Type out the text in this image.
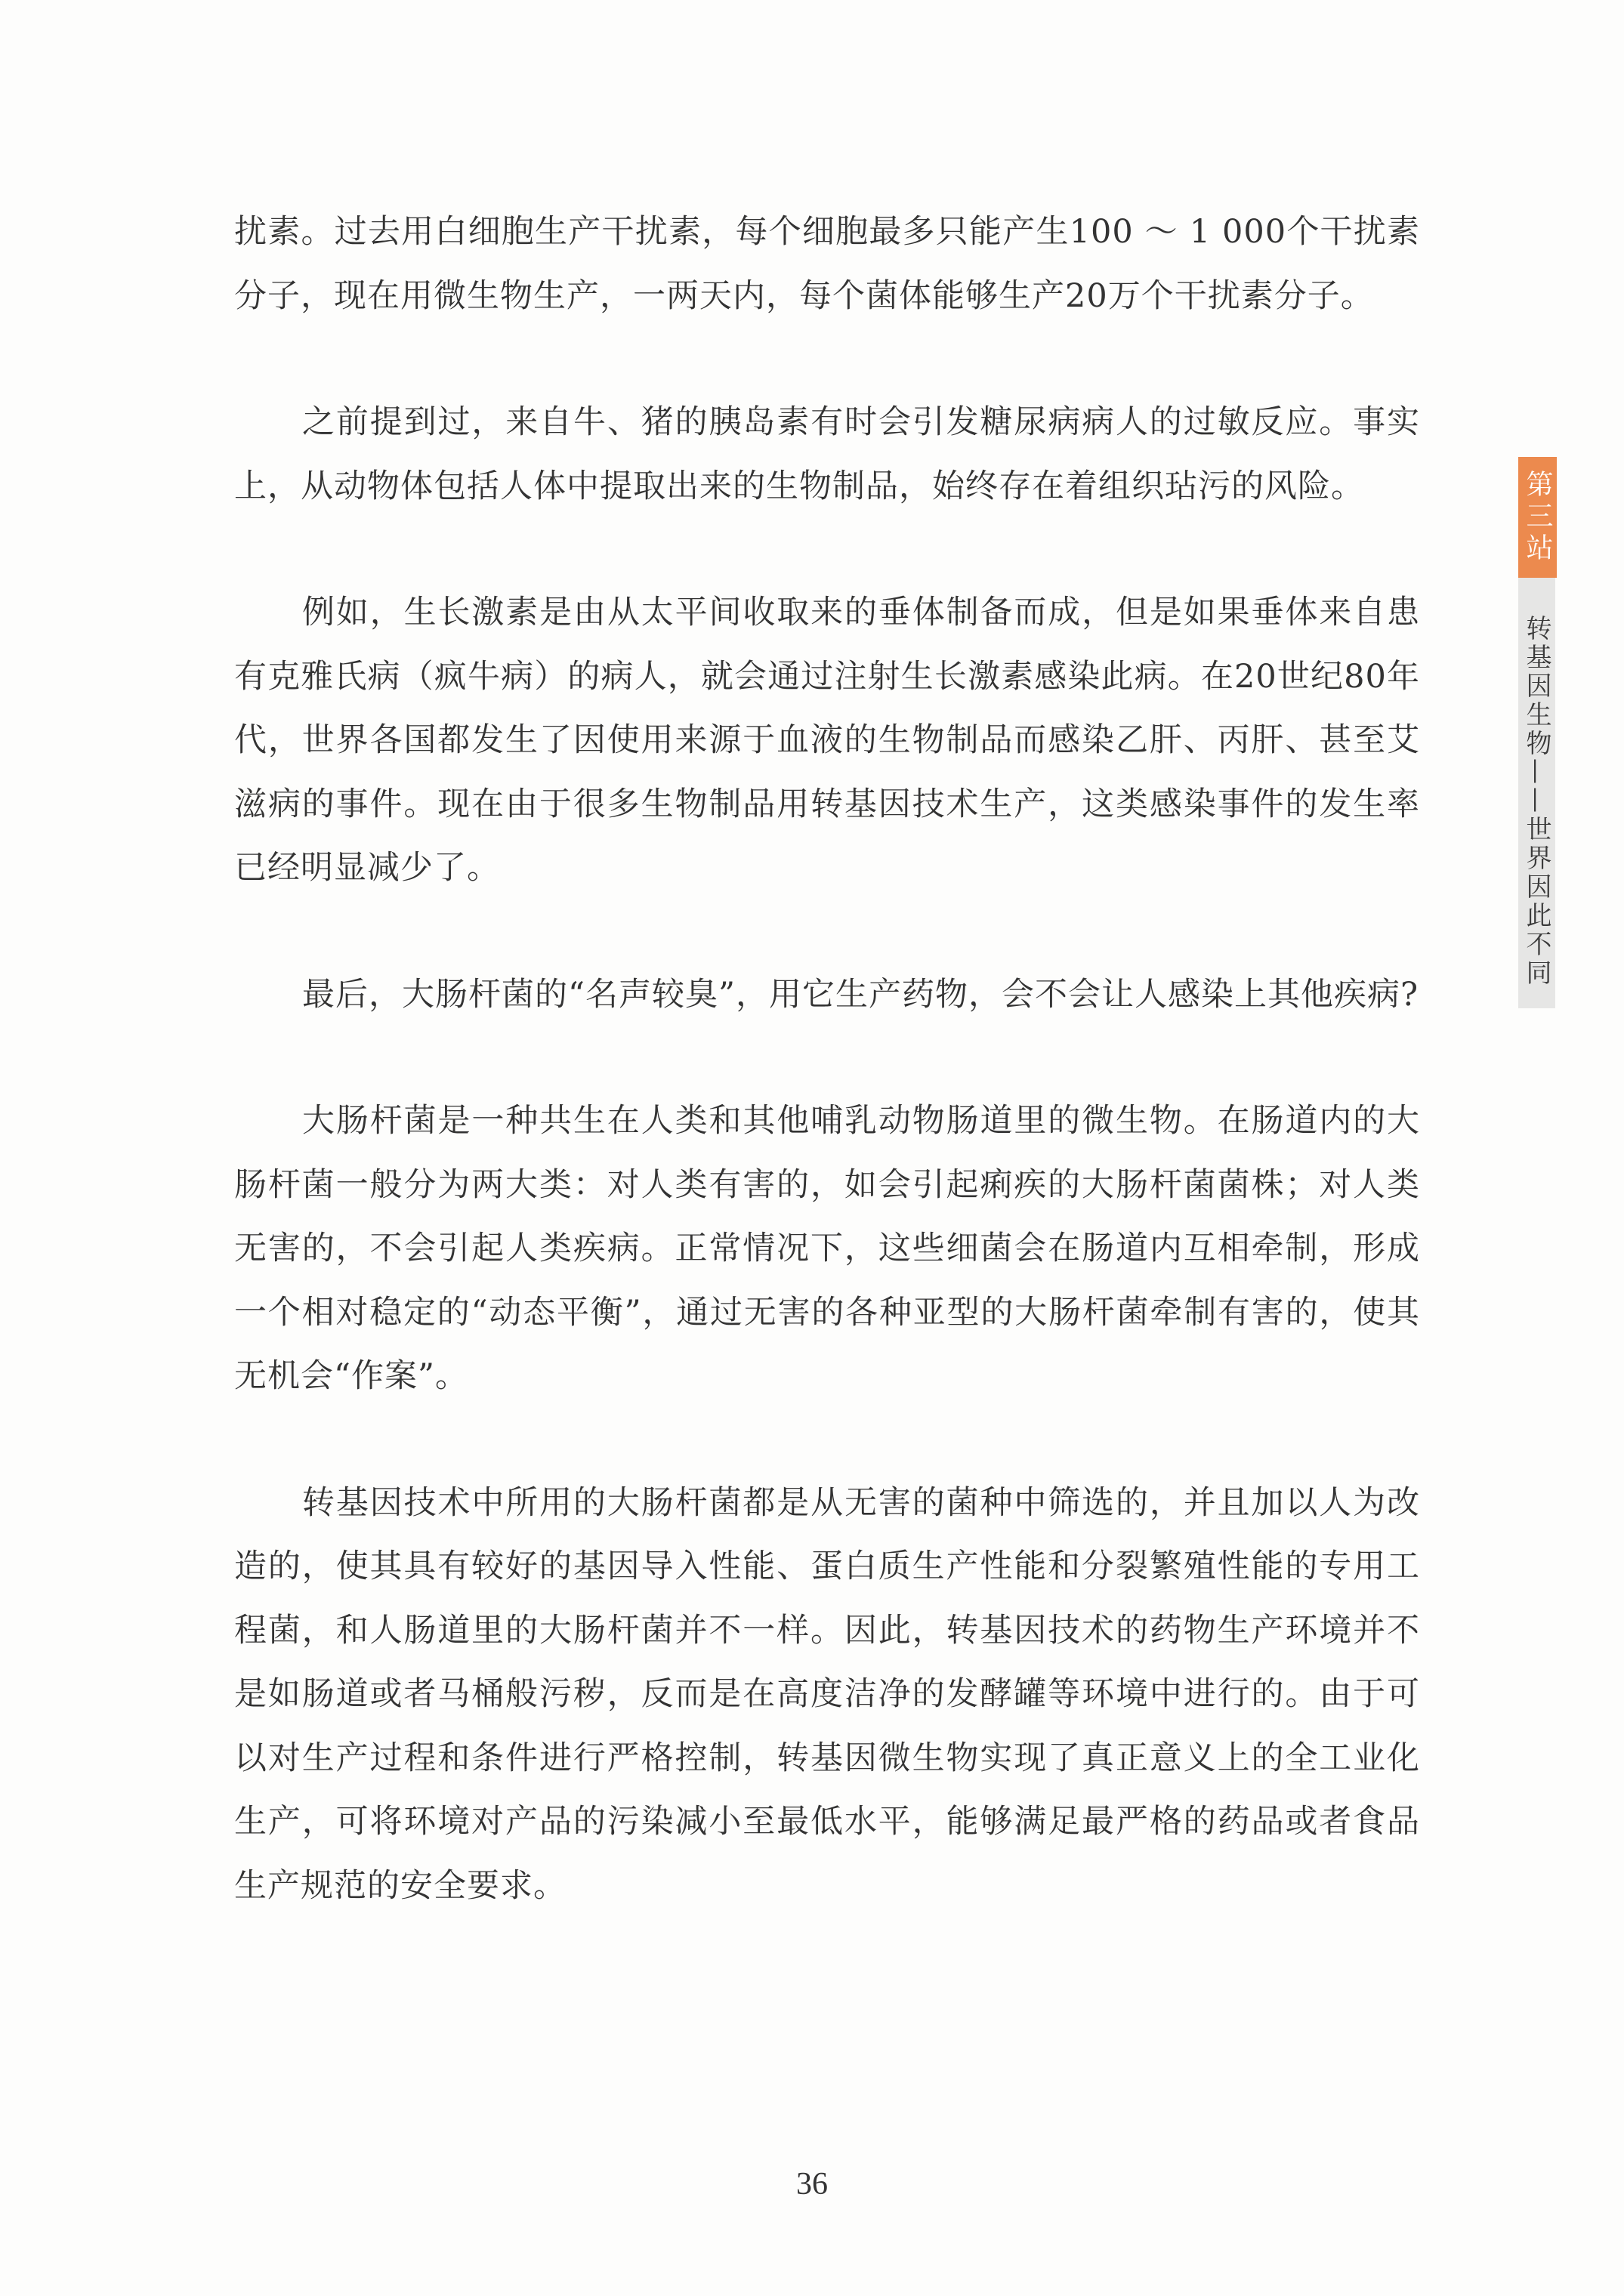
扰素。过去用白细胞生产干扰素，每个细胞最多只能产生100 ～ 1 000个干扰素分子，现在用微生物生产，一两天内，每个菌体能够生产20万个干扰素分子。

之前提到过，来自牛、猪的胰岛素有时会引发糖尿病病人的过敏反应。事实上，从动物体包括人体中提取出来的生物制品，始终存在着组织玷污的风险。

例如，生长激素是由从太平间收取来的垂体制备而成，但是如果垂体来自患有克雅氏病（疯牛病）的病人，就会通过注射生长激素感染此病。在20世纪80年代，世界各国都发生了因使用来源于血液的生物制品而感染乙肝、丙肝、甚至艾滋病的事件。现在由于很多生物制品用转基因技术生产，这类感染事件的发生率已经明显减少了。

最后，大肠杆菌的“名声较臭”，用它生产药物，会不会让人感染上其他疾病?

大肠杆菌是一种共生在人类和其他哺乳动物肠道里的微生物。在肠道内的大肠杆菌一般分为两大类：对人类有害的，如会引起痢疾的大肠杆菌菌株；对人类无害的，不会引起人类疾病。正常情况下，这些细菌会在肠道内互相牵制，形成一个相对稳定的“动态平衡”，通过无害的各种亚型的大肠杆菌牵制有害的，使其无机会“作案”。

转基因技术中所用的大肠杆菌都是从无害的菌种中筛选的，并且加以人为改造的，使其具有较好的基因导入性能、蛋白质生产性能和分裂繁殖性能的专用工程菌，和人肠道里的大肠杆菌并不一样。因此，转基因技术的药物生产环境并不是如肠道或者马桶般污秽，反而是在高度洁净的发酵罐等环境中进行的。由于可以对生产过程和条件进行严格控制，转基因微生物实现了真正意义上的全工业化生产，可将环境对产品的污染减小至最低水平，能够满足最严格的药品或者食品生产规范的安全要求。

第三站
转基因生物——世界因此不同
36
